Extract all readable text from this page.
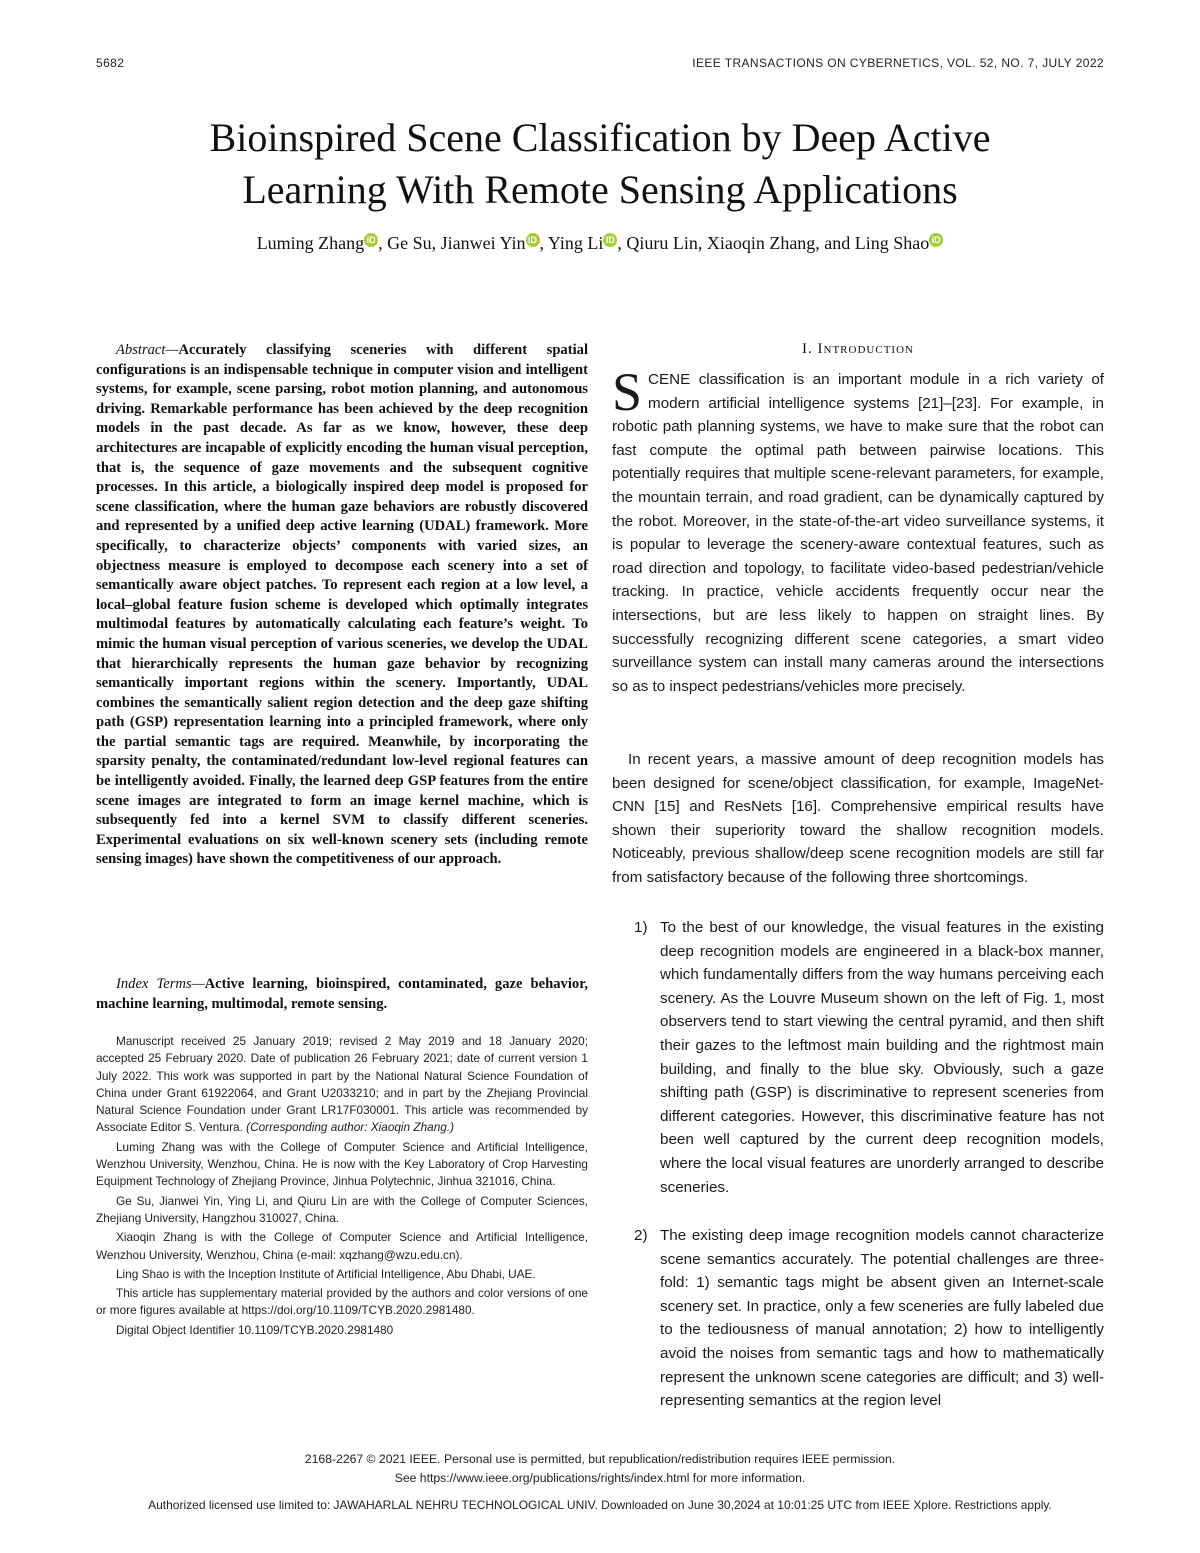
5682	IEEE TRANSACTIONS ON CYBERNETICS, VOL. 52, NO. 7, JULY 2022
Bioinspired Scene Classification by Deep Active
Learning With Remote Sensing Applications
Luming Zhang iD , Ge Su, Jianwei Yin iD , Ying Li iD , Qiuru Lin, Xiaoqin Zhang, and Ling Shao iD

Abstract—Accurately classifying sceneries with different spatial configurations is an indispensable technique in computer vision and intelligent systems, for example, scene parsing, robot motion planning, and autonomous driving. Remarkable performance has been achieved by the deep recognition models in the past decade. As far as we know, however, these deep architectures are incapable of explicitly encoding the human visual perception, that is, the sequence of gaze movements and the subsequent cognitive processes. In this article, a biologically inspired deep model is proposed for scene classification, where the human gaze behaviors are robustly discovered and represented by a unified deep active learning (UDAL) framework. More specifically, to characterize objects’ components with varied sizes, an objectness measure is employed to decompose each scenery into a set of semantically aware object patches. To represent each region at a low level, a local–global feature fusion scheme is developed which optimally integrates multimodal features by automatically calculating each feature’s weight. To mimic the human visual perception of various sceneries, we develop the UDAL that hierarchically represents the human gaze behavior by recognizing semantically important regions within the scenery. Importantly, UDAL combines the semantically salient region detection and the deep gaze shifting path (GSP) representation learning into a principled framework, where only the partial semantic tags are required. Meanwhile, by incorporating the sparsity penalty, the contaminated/redundant low-level regional features can be intelligently avoided. Finally, the learned deep GSP features from the entire scene images are integrated to form an image kernel machine, which is subsequently fed into a kernel SVM to classify different sceneries. Experimental evaluations on six well-known scenery sets (including remote sensing images) have shown the competitiveness of our approach.

Index Terms—Active learning, bioinspired, contaminated, gaze behavior, machine learning, multimodal, remote sensing.

Manuscript received 25 January 2019; revised 2 May 2019 and 18 January 2020; accepted 25 February 2020. Date of publication 26 February 2021; date of current version 1 July 2022. This work was supported in part by the National Natural Science Foundation of China under Grant 61922064, and Grant U2033210; and in part by the Zhejiang Provincial Natural Science Foundation under Grant LR17F030001. This article was recommended by Associate Editor S. Ventura. (Corresponding author: Xiaoqin Zhang.)

Luming Zhang was with the College of Computer Science and Artificial Intelligence, Wenzhou University, Wenzhou, China. He is now with the Key Laboratory of Crop Harvesting Equipment Technology of Zhejiang Province, Jinhua Polytechnic, Jinhua 321016, China.

Ge Su, Jianwei Yin, Ying Li, and Qiuru Lin are with the College of Computer Sciences, Zhejiang University, Hangzhou 310027, China.

Xiaoqin Zhang is with the College of Computer Science and Artificial Intelligence, Wenzhou University, Wenzhou, China (e-mail: xqzhang@wzu.edu.cn).

Ling Shao is with the Inception Institute of Artificial Intelligence, Abu Dhabi, UAE.

This article has supplementary material provided by the authors and color versions of one or more figures available at https://doi.org/10.1109/TCYB.2020.2981480.

Digital Object Identifier 10.1109/TCYB.2020.2981480

I. Introduction

SCENE classification is an important module in a rich variety of modern artificial intelligence systems [21]–[23]. For example, in robotic path planning systems, we have to make sure that the robot can fast compute the optimal path between pairwise locations. This potentially requires that multiple scene-relevant parameters, for example, the mountain terrain, and road gradient, can be dynamically captured by the robot. Moreover, in the state-of-the-art video surveillance systems, it is popular to leverage the scenery-aware contextual features, such as road direction and topology, to facilitate video-based pedestrian/vehicle tracking. In practice, vehicle accidents frequently occur near the intersections, but are less likely to happen on straight lines. By successfully recognizing different scene categories, a smart video surveillance system can install many cameras around the intersections so as to inspect pedestrians/vehicles more precisely.

In recent years, a massive amount of deep recognition models has been designed for scene/object classification, for example, ImageNet-CNN [15] and ResNets [16]. Comprehensive empirical results have shown their superiority toward the shallow recognition models. Noticeably, previous shallow/deep scene recognition models are still far from satisfactory because of the following three shortcomings.

1) To the best of our knowledge, the visual features in the existing deep recognition models are engineered in a black-box manner, which fundamentally differs from the way humans perceiving each scenery. As the Louvre Museum shown on the left of Fig. 1, most observers tend to start viewing the central pyramid, and then shift their gazes to the leftmost main building and the rightmost main building, and finally to the blue sky. Obviously, such a gaze shifting path (GSP) is discriminative to represent sceneries from different categories. However, this discriminative feature has not been well captured by the current deep recognition models, where the local visual features are unorderly arranged to describe sceneries.
2) The existing deep image recognition models cannot characterize scene semantics accurately. The potential challenges are three-fold: 1) semantic tags might be absent given an Internet-scale scenery set. In practice, only a few sceneries are fully labeled due to the tediousness of manual annotation; 2) how to intelligently avoid the noises from semantic tags and how to mathematically represent the unknown scene categories are difficult; and 3) well-representing semantics at the region level
2168-2267 © 2021 IEEE. Personal use is permitted, but republication/redistribution requires IEEE permission.
See https://www.ieee.org/publications/rights/index.html for more information.
Authorized licensed use limited to: JAWAHARLAL NEHRU TECHNOLOGICAL UNIV. Downloaded on June 30,2024 at 10:01:25 UTC from IEEE Xplore. Restrictions apply.
